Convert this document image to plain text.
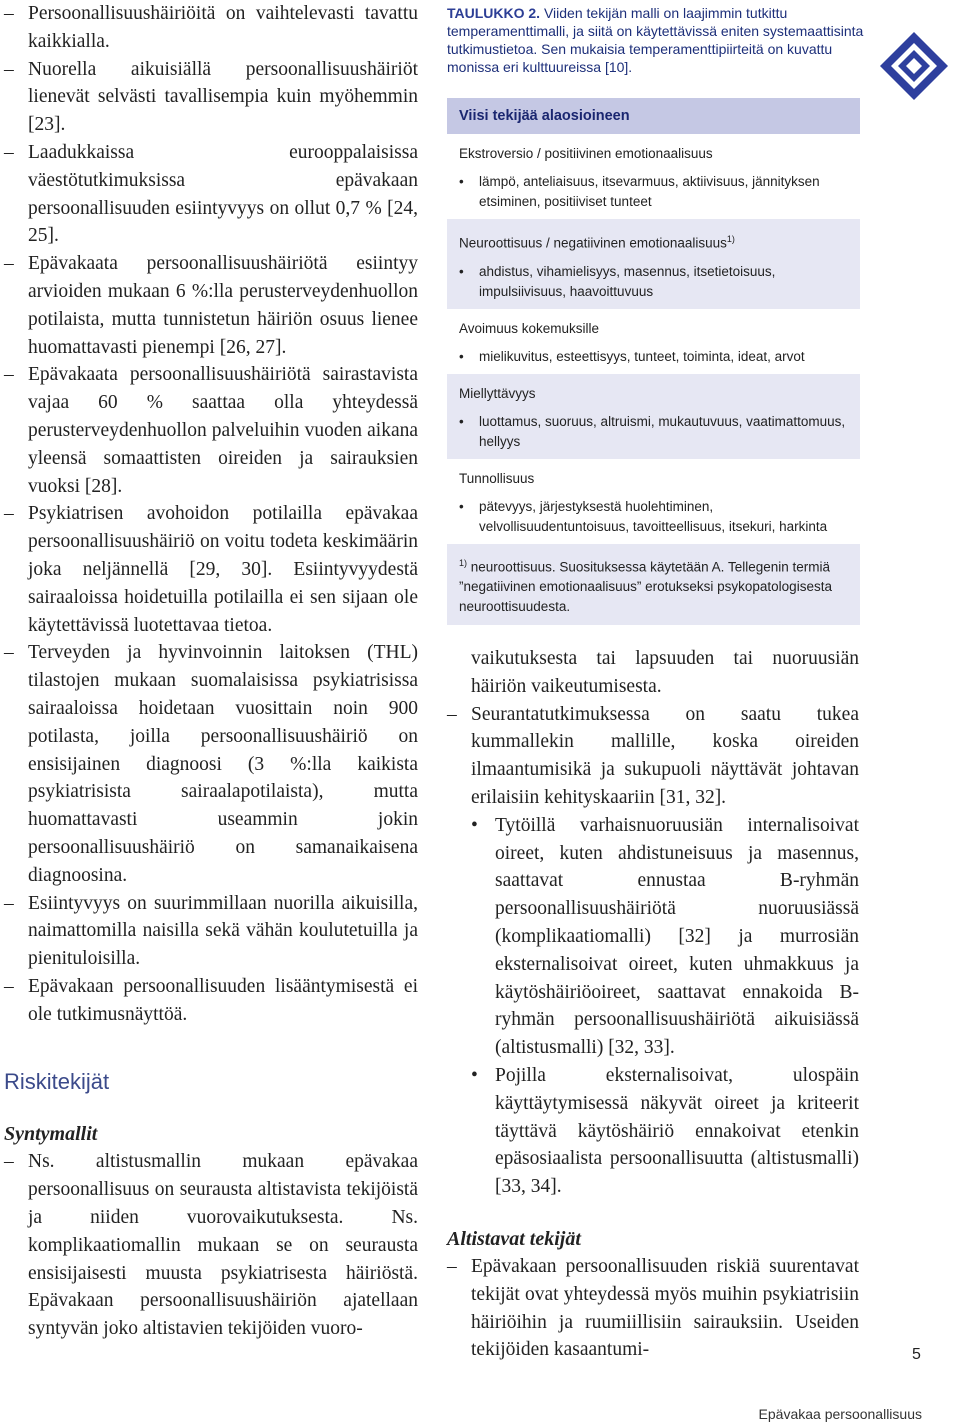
– Persoonallisuushäiriöitä on vaihtelevasti tavattu kaikkialla.
– Nuorella aikuisiällä persoonallisuushäiriöt lienevät selvästi tavallisempia kuin myöhemmin [23].
– Laadukkaissa eurooppalaisissa väestötutkimuksissa epävakaan persoonallisuuden esiintyvyys on ollut 0,7 % [24, 25].
– Epävakaata persoonallisuushäiriötä esiintyy arvioiden mukaan 6 %:lla perusterveydenhuollon potilaista, mutta tunnistetun häiriön osuus lienee huomattavasti pienempi [26, 27].
– Epävakaata persoonallisuushäiriötä sairastavista vajaa 60 % saattaa olla yhteydessä perusterveydenhuollon palveluihin vuoden aikana yleensä somaattisten oireiden ja sairauksien vuoksi [28].
– Psykiatrisen avohoidon potilailla epävakaa persoonallisuushäiriö on voitu todeta keskimäärin joka neljännellä [29, 30]. Esiintyvyydestä sairaaloissa hoidetuilla potilailla ei sen sijaan ole käytettävissä luotettavaa tietoa.
– Terveyden ja hyvinvoinnin laitoksen (THL) tilastojen mukaan suomalaisissa psykiatrisissa sairaaloissa hoidetaan vuosittain noin 900 potilasta, joilla persoonallisuushäiriö on ensisijainen diagnoosi (3 %:lla kaikista psykiatrisista sairaalapotilaista), mutta huomattavasti useammin jokin persoonallisuushäiriö on samanaikaisena diagnoosina.
– Esiintyvyys on suurimmillaan nuorilla aikuisilla, naimattomilla naisilla sekä vähän koulutetuilla ja pienituloisilla.
– Epävakaan persoonallisuuden lisääntymisestä ei ole tutkimusnäyttöä.
Riskitekijät
Syntymallit
– Ns. altistusmallin mukaan epävakaa persoonallisuus on seurausta altistavista tekijöistä ja niiden vuorovaikutuksesta. Ns. komplikaatiomallin mukaan se on seurausta ensisijaisesti muusta psykiatrisesta häiriöstä. Epävakaan persoonallisuushäiriön ajatellaan syntyvän joko altistavien tekijöiden vuoro-
TAULUKKO 2. Viiden tekijän malli on laajimmin tutkittu temperamenttimalli, ja siitä on käytettävissä eniten systemaattisinta tutkimustietoa. Sen mukaisia temperamenttipiirteitä on kuvattu monissa eri kulttuureissa [10].
Viisi tekijää alaosioineen
Ekstroversio / positiivinen emotionaalisuus
• lämpö, anteliaisuus, itsevarmuus, aktiivisuus, jännityksen etsiminen, positiiviset tunteet
Neuroottisuus / negatiivinen emotionaalisuus$^{1)}$
• ahdistus, vihamielisyys, masennus, itsetietoisuus, impulsiivisuus, haavoittuvuus
Avoimuus kokemuksille
• mielikuvitus, esteettisyys, tunteet, toiminta, ideat, arvot
Miellyttävyys
• luottamus, suoruus, altruismi, mukautuvuus, vaatimattomuus, hellyys
Tunnollisuus
• pätevyys, järjestyksestä huolehtiminen, velvollisuudentuntoisuus, tavoitteellisuus, itsekuri, harkinta
$^{1)}$ neuroottisuus. Suosituksessa käytetään A. Tellegenin termiä ”negatiivinen emotionaalisuus” erotukseksi psykopatologisesta neuroottisuudesta.

vaikutuksesta tai lapsuuden tai nuoruusiän häiriön vaikeutumisesta.

– Seurantatutkimuksessa on saatu tukea kummallekin mallille, koska oireiden ilmaantumisikä ja sukupuoli näyttävät johtavan erilaisiin kehityskaariin [31, 32].
• Tytöillä varhaisnuoruusiän internalisoivat oireet, kuten ahdistuneisuus ja masennus, saattavat ennustaa B-ryhmän persoonallisuushäiriötä nuoruusiässä (komplikaatiomalli) [32] ja murrosiän eksternalisoivat oireet, kuten uhmakkuus ja käytöshäiriöoireet, saattavat ennakoida B-ryhmän persoonallisuushäiriötä aikuisiässä (altistusmalli) [32, 33].
• Pojilla eksternalisoivat, ulospäin käyttäytymisessä näkyvät oireet ja kriteerit täyttävä käytöshäiriö ennakoivat etenkin epäsosiaalista persoonallisuutta (altistusmalli) [33, 34].
Altistavat tekijät
– Epävakaan persoonallisuuden riskiä suurentavat tekijät ovat yhteydessä myös muihin psykiatrisiin häiriöihin ja ruumiillisiin sairauksiin. Useiden tekijöiden kasaantumi-	5
Epävakaa persoonallisuus
